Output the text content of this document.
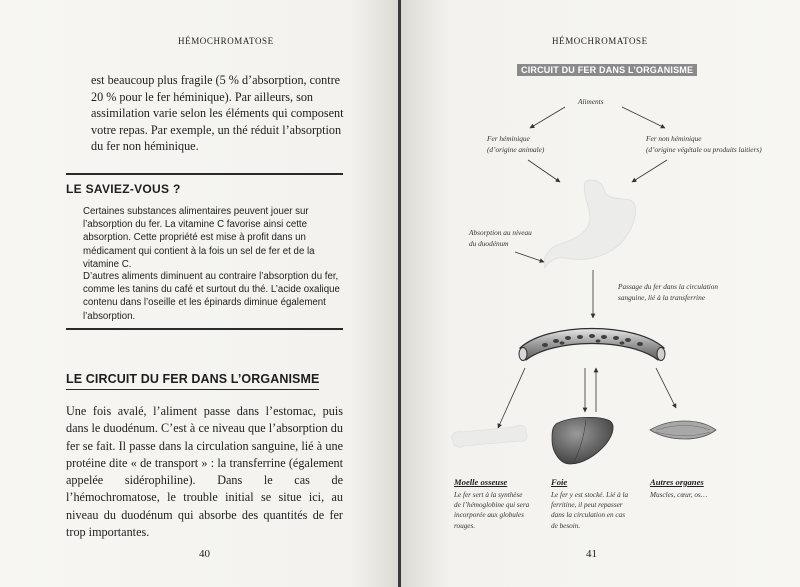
HÉMOCHROMATOSE

est beaucoup plus fragile (5 % d’absorption, contre 20 % pour le fer héminique). Par ailleurs, son assimilation varie selon les éléments qui composent votre repas. Par exemple, un thé réduit l’absorption du fer non héminique.

LE SAVIEZ-VOUS ?

Certaines substances alimentaires peuvent jouer sur l’absorption du fer. La vitamine C favorise ainsi cette absorption. Cette propriété est mise à profit dans un médicament qui contient à la fois un sel de fer et de la vitamine C.

D’autres aliments diminuent au contraire l’absorption du fer, comme les tanins du café et surtout du thé. L’acide oxalique contenu dans l’oseille et les épinards diminue également l’absorption.

LE CIRCUIT DU FER DANS L’ORGANISME

Une fois avalé, l’aliment passe dans l’estomac, puis dans le duodénum. C’est à ce niveau que l’absorption du fer se fait. Il passe dans la circulation sanguine, lié à une protéine dite « de transport » : la transferrine (également appelée sidérophiline). Dans le cas de l’hémochromatose, le trouble initial se situe ici, au niveau du duodénum qui absorbe des quantités de fer trop importantes.

40
HÉMOCHROMATOSE
CIRCUIT DU FER DANS L’ORGANISME
Aliments
Fer héminique
(d’origine animale)
Fer non héminique
(d’origine végétale ou produits laitiers)
Absorption au niveau
du duodénum
Passage du fer dans la circulation
sanguine, lié à la transferrine
Moelle osseuse
Le fer sert à la synthèse
de l’hémoglobine qui sera
incorporée aux globules
rouges.
Foie
Le fer y est stocké. Lié à la
ferritine, il peut repasser
dans la circulation en cas
de besoin.
Autres organes
Muscles, cœur, os…
41
